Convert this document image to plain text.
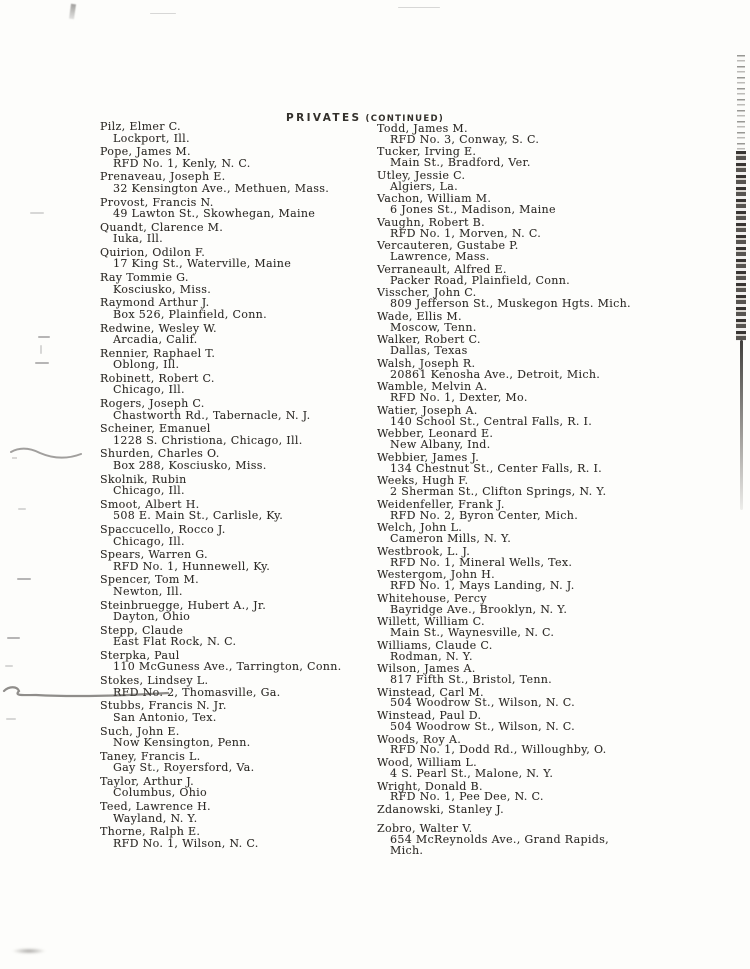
PRIVATES (CONTINUED)
Pilz, Elmer C.
Lockport, Ill.
Pope, James M.
RFD No. 1, Kenly, N. C.
Prenaveau, Joseph E.
32 Kensington Ave., Methuen, Mass.
Provost, Francis N.
49 Lawton St., Skowhegan, Maine
Quandt, Clarence M.
Iuka, Ill.
Quirion, Odilon F.
17 King St., Waterville, Maine
Ray Tommie G.
Kosciusko, Miss.
Raymond Arthur J.
Box 526, Plainfield, Conn.
Redwine, Wesley W.
Arcadia, Calif.
Rennier, Raphael T.
Oblong, Ill.
Robinett, Robert C.
Chicago, Ill.
Rogers, Joseph C.
Chastworth Rd., Tabernacle, N. J.
Scheiner, Emanuel
1228 S. Christiona, Chicago, Ill.
Shurden, Charles O.
Box 288, Kosciusko, Miss.
Skolnik, Rubin
Chicago, Ill.
Smoot, Albert H.
508 E. Main St., Carlisle, Ky.
Spaccucello, Rocco J.
Chicago, Ill.
Spears, Warren G.
RFD No. 1, Hunnewell, Ky.
Spencer, Tom M.
Newton, Ill.
Steinbruegge, Hubert A., Jr.
Dayton, Ohio
Stepp, Claude
East Flat Rock, N. C.
Sterpka, Paul
110 McGuness Ave., Tarrington, Conn.
Stokes, Lindsey L.
RFD No. 2, Thomasville, Ga.
Stubbs, Francis N. Jr.
San Antonio, Tex.
Such, John E.
Now Kensington, Penn.
Taney, Francis L.
Gay St., Royersford, Va.
Taylor, Arthur J.
Columbus, Ohio
Teed, Lawrence H.
Wayland, N. Y.
Thorne, Ralph E.
RFD No. 1, Wilson, N. C.
Todd, James M.
RFD No. 3, Conway, S. C.
Tucker, Irving E.
Main St., Bradford, Ver.
Utley, Jessie C.
Algiers, La.
Vachon, William M.
6 Jones St., Madison, Maine
Vaughn, Robert B.
RFD No. 1, Morven, N. C.
Vercauteren, Gustabe P.
Lawrence, Mass.
Verraneault, Alfred E.
Packer Road, Plainfield, Conn.
Visscher, John C.
809 Jefferson St., Muskegon Hgts. Mich.
Wade, Ellis M.
Moscow, Tenn.
Walker, Robert C.
Dallas, Texas
Walsh, Joseph R.
20861 Kenosha Ave., Detroit, Mich.
Wamble, Melvin A.
RFD No. 1, Dexter, Mo.
Watier, Joseph A.
140 School St., Central Falls, R. I.
Webber, Leonard E.
New Albany, Ind.
Webbier, James J.
134 Chestnut St., Center Falls, R. I.
Weeks, Hugh F.
2 Sherman St., Clifton Springs, N. Y.
Weidenfeller, Frank J.
RFD No. 2, Byron Center, Mich.
Welch, John L.
Cameron Mills, N. Y.
Westbrook, L. J.
RFD No. 1, Mineral Wells, Tex.
Westergom, John H.
RFD No. 1, Mays Landing, N. J.
Whitehouse, Percy
Bayridge Ave., Brooklyn, N. Y.
Willett, William C.
Main St., Waynesville, N. C.
Williams, Claude C.
Rodman, N. Y.
Wilson, James A.
817 Fifth St., Bristol, Tenn.
Winstead, Carl M.
504 Woodrow St., Wilson, N. C.
Winstead, Paul D.
504 Woodrow St., Wilson, N. C.
Woods, Roy A.
RFD No. 1, Dodd Rd., Willoughby, O.
Wood, William L.
4 S. Pearl St., Malone, N. Y.
Wright, Donald B.
RFD No. 1, Pee Dee, N. C.
Zdanowski, Stanley J.
Zobro, Walter V.
654 McReynolds Ave., Grand Rapids,
Mich.
